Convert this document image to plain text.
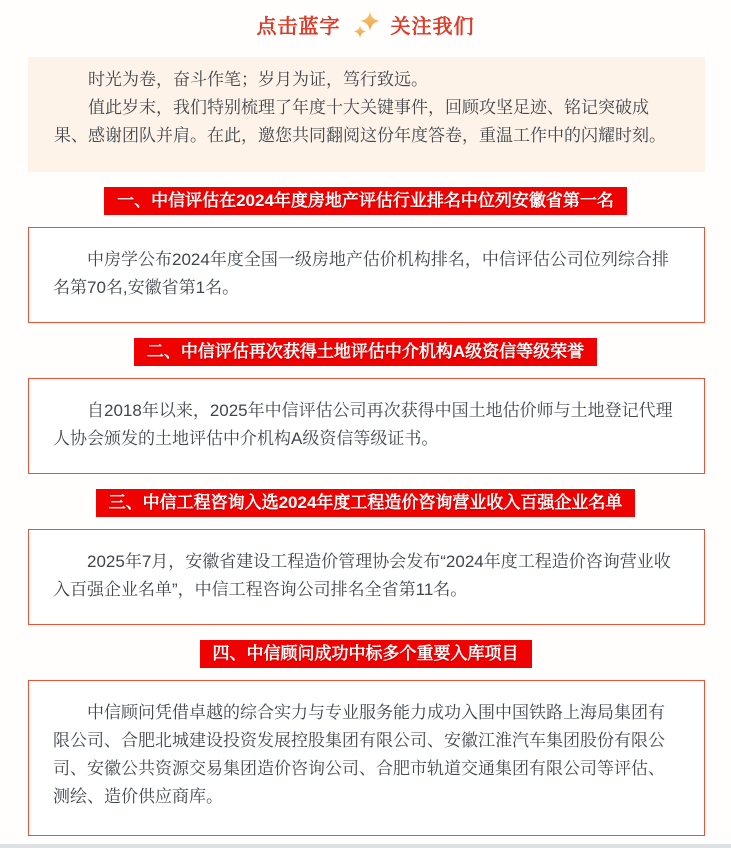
点击蓝字	关注我们

时光为卷，奋斗作笔；岁月为证，笃行致远。

值此岁末，我们特别梳理了年度十大关键事件，回顾攻坚足迹、铭记突破成果、感谢团队并肩。在此，邀您共同翻阅这份年度答卷，重温工作中的闪耀时刻。

一、中信评估在2024年度房地产评估行业排名中位列安徽省第一名

中房学公布2024年度全国一级房地产估价机构排名，中信评估公司位列综合排名第70名,安徽省第1名。

二、中信评估再次获得土地评估中介机构A级资信等级荣誉

自2018年以来，2025年中信评估公司再次获得中国土地估价师与土地登记代理人协会颁发的土地评估中介机构A级资信等级证书。

三、中信工程咨询入选2024年度工程造价咨询营业收入百强企业名单

2025年7月，安徽省建设工程造价管理协会发布“2024年度工程造价咨询营业收入百强企业名单”，中信工程咨询公司排名全省第11名。

四、中信顾问成功中标多个重要入库项目

中信顾问凭借卓越的综合实力与专业服务能力成功入围中国铁路上海局集团有限公司、合肥北城建设投资发展控股集团有限公司、安徽江淮汽车集团股份有限公司、安徽公共资源交易集团造价咨询公司、合肥市轨道交通集团有限公司等评估、测绘、造价供应商库。
